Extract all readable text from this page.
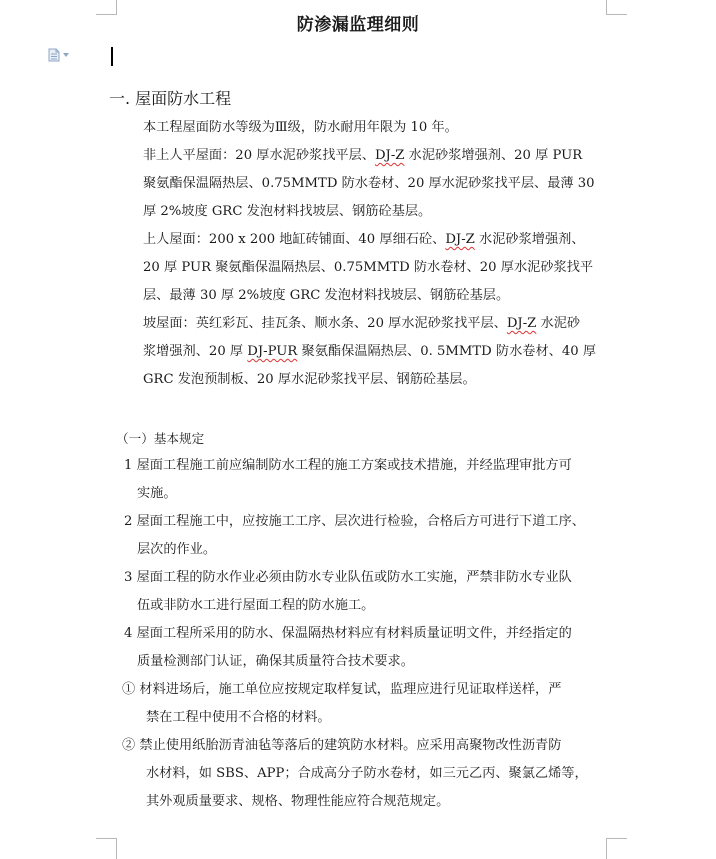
防渗漏监理细则
一. 屋面防水工程
本工程屋面防水等级为Ⅲ级，防水耐用年限为 10 年。
非上人平屋面：20 厚水泥砂浆找平层、DJ-Z 水泥砂浆增强剂、20 厚 PUR
聚氨酯保温隔热层、0.75MMTD 防水卷材、20 厚水泥砂浆找平层、最薄 30
厚 2%坡度 GRC 发泡材料找坡层、钢筋砼基层。
上人屋面：200 x 200 地缸砖铺面、40 厚细石砼、DJ-Z 水泥砂浆增强剂、
20 厚 PUR 聚氨酯保温隔热层、0.75MMTD 防水卷材、20 厚水泥砂浆找平
层、最薄 30 厚 2%坡度 GRC 发泡材料找坡层、钢筋砼基层。
坡屋面：英红彩瓦、挂瓦条、顺水条、20 厚水泥砂浆找平层、DJ-Z 水泥砂
浆增强剂、20 厚 DJ-PUR 聚氨酯保温隔热层、0. 5MMTD 防水卷材、40 厚
GRC 发泡预制板、20 厚水泥砂浆找平层、钢筋砼基层。
（一）基本规定
1 屋面工程施工前应编制防水工程的施工方案或技术措施，并经监理审批方可
实施。
2 屋面工程施工中，应按施工工序、层次进行检验，合格后方可进行下道工序、
层次的作业。
3 屋面工程的防水作业必须由防水专业队伍或防水工实施，严禁非防水专业队
伍或非防水工进行屋面工程的防水施工。
4 屋面工程所采用的防水、保温隔热材料应有材料质量证明文件，并经指定的
质量检测部门认证，确保其质量符合技术要求。
① 材料进场后，施工单位应按规定取样复试，监理应进行见证取样送样，严
禁在工程中使用不合格的材料。
② 禁止使用纸胎沥青油毡等落后的建筑防水材料。应采用高聚物改性沥青防
水材料，如 SBS、APP；合成高分子防水卷材，如三元乙丙、聚氯乙烯等，
其外观质量要求、规格、物理性能应符合规范规定。
